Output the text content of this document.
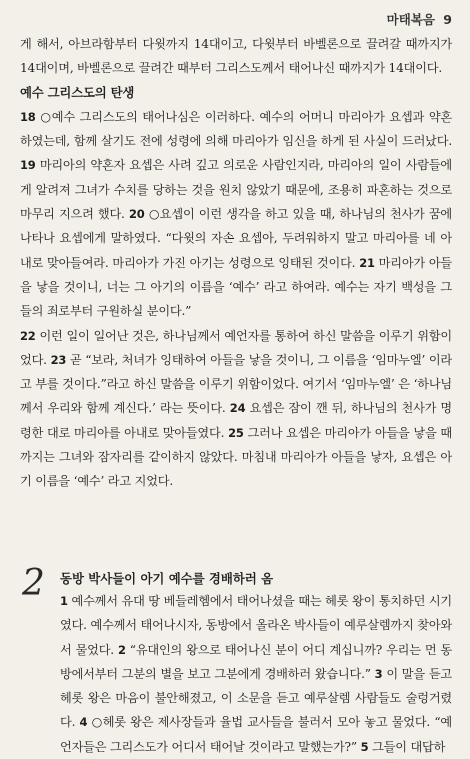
마태복음 9

게 해서, 아브라함부터 다윗까지 14대이고, 다윗부터 바벨론으로 끌려갈 때까지가 14대이며, 바벨론으로 끌려간 때부터 그리스도께서 태어나신 때까지가 14대이다.

예수 그리스도의 탄생

18 ○예수 그리스도의 태어나심은 이러하다. 예수의 어머니 마리아가 요셉과 약혼하였는데, 함께 살기도 전에 성령에 의해 마리아가 임신을 하게 된 사실이 드러났다. 19 마리아의 약혼자 요셉은 사려 깊고 의로운 사람인지라, 마리아의 일이 사람들에게 알려져 그녀가 수치를 당하는 것을 원치 않았기 때문에, 조용히 파혼하는 것으로 마무리 지으려 했다. 20 ○요셉이 이런 생각을 하고 있을 때, 하나님의 천사가 꿈에 나타나 요셉에게 말하였다. “다윗의 자손 요셉아, 두려워하지 말고 마리아를 네 아내로 맞아들여라. 마리아가 가진 아기는 성령으로 잉태된 것이다. 21 마리아가 아들을 낳을 것이니, 너는 그 아기의 이름을 ‘예수’ 라고 하여라. 예수는 자기 백성을 그들의 죄로부터 구원하실 분이다.”

22 이런 일이 일어난 것은, 하나님께서 예언자를 통하여 하신 말씀을 이루기 위함이었다. 23 곧 “보라, 처녀가 잉태하여 아들을 낳을 것이니, 그 이름을 ‘임마누엘’ 이라고 부를 것이다.”라고 하신 말씀을 이루기 위함이었다. 여기서 ‘임마누엘’ 은 ‘하나님께서 우리와 함께 계신다.’ 라는 뜻이다. 24 요셉은 잠이 깬 뒤, 하나님의 천사가 명령한 대로 마리아를 아내로 맞아들였다. 25 그러나 요셉은 마리아가 아들을 낳을 때까지는 그녀와 잠자리를 같이하지 않았다. 마침내 마리아가 아들을 낳자, 요셉은 아기 이름을 ‘예수’ 라고 지었다.

2 동방 박사들이 아기 예수를 경배하러 옴

1 예수께서 유대 땅 베들레헴에서 태어나셨을 때는 헤롯 왕이 통치하던 시기였다. 예수께서 태어나시자, 동방에서 올라온 박사들이 예루살렘까지 찾아와서 물었다. 2 “유대인의 왕으로 태어나신 분이 어디 계십니까? 우리는 먼 동방에서부터 그분의 별을 보고 그분에게 경배하러 왔습니다.” 3 이 말을 듣고 헤롯 왕은 마음이 불안해졌고, 이 소문을 듣고 예루살렘 사람들도 술렁거렸다. 4 ○헤롯 왕은 제사장들과 율법 교사들을 불러서 모아 놓고 물었다. “예언자들은 그리스도가 어디서 태어날 것이라고 말했는가?” 5 그들이 대답하
